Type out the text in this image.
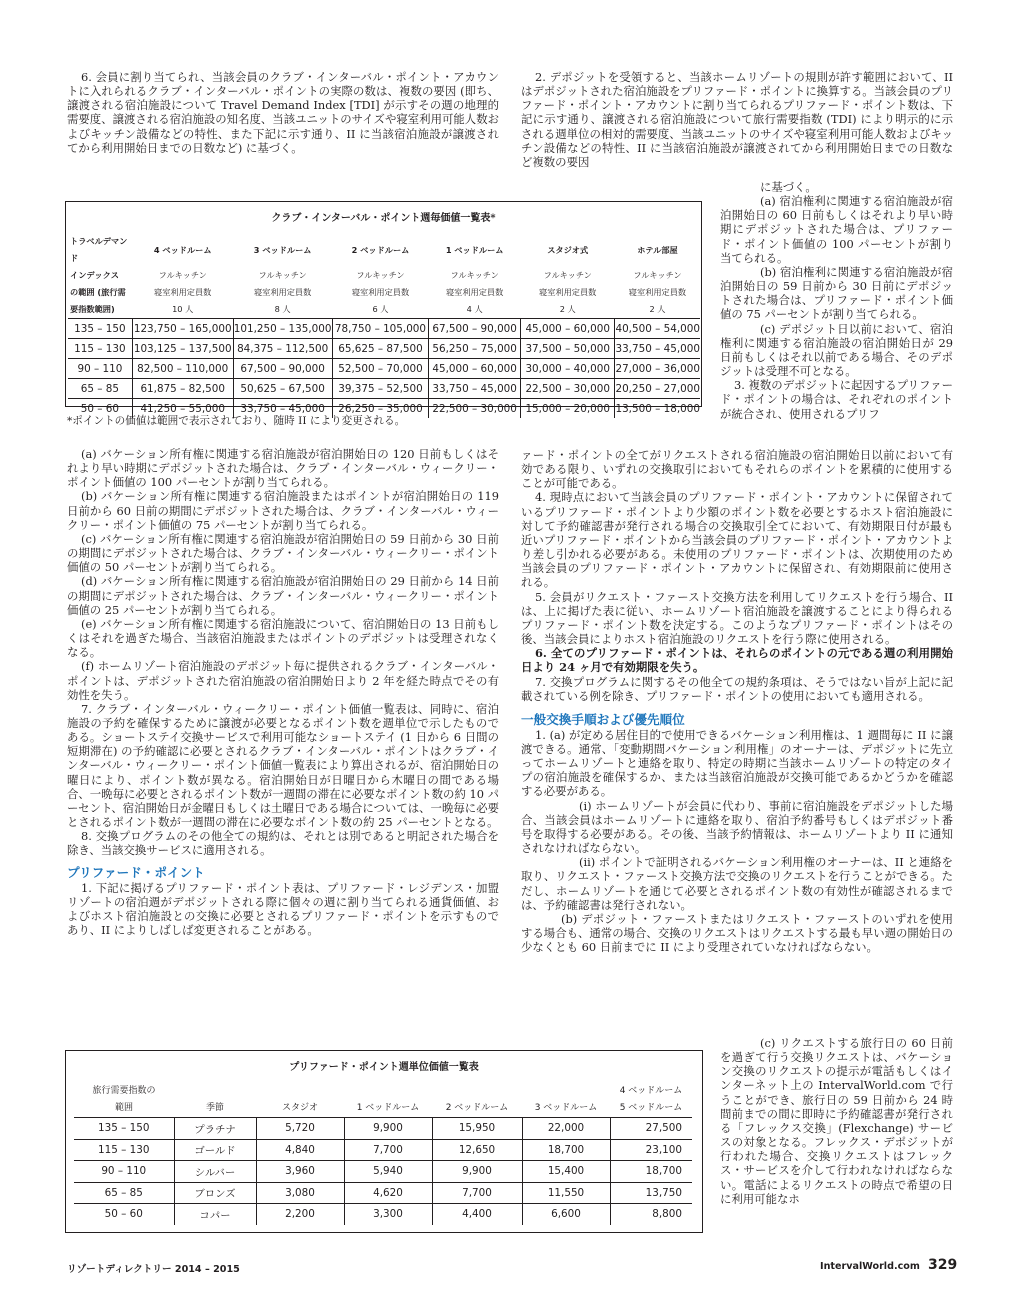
6. 会員に割り当てられ、当該会員のクラブ・インターバル・ポイント・アカウントに入れられるクラブ・インターバル・ポイントの実際の数は、複数の要因 (即ち、譲渡される宿泊施設について Travel Demand Index [TDI] が示すその週の地理的需要度、譲渡される宿泊施設の知名度、当該ユニットのサイズや寝室利用可能人数およびキッチン設備などの特性、また下記に示す通り、II に当該宿泊施設が譲渡されてから利用開始日までの日数など) に基づく。

クラブ・インターバル・ポイント週毎価値一覧表*
トラベルデマンド	4 ベッドルーム	3 ベッドルーム	2 ベッドルーム	1 ベッドルーム	スタジオ式	ホテル部屋
インデックス	フルキッチン	フルキッチン	フルキッチン	フルキッチン	フルキッチン	フルキッチン
の範囲 (旅行需	寝室利用定員数	寝室利用定員数	寝室利用定員数	寝室利用定員数	寝室利用定員数	寝室利用定員数
要指数範囲)	10 人	8 人	6 人	4 人	2 人	2 人
135 – 150	123,750 – 165,000	101,250 – 135,000	78,750 – 105,000	67,500 – 90,000	45,000 – 60,000	40,500 – 54,000
115 – 130	103,125 – 137,500	84,375 – 112,500	65,625 – 87,500	56,250 – 75,000	37,500 – 50,000	33,750 – 45,000
90 – 110	82,500 – 110,000	67,500 – 90,000	52,500 – 70,000	45,000 – 60,000	30,000 – 40,000	27,000 – 36,000
65 – 85	61,875 – 82,500	50,625 – 67,500	39,375 – 52,500	33,750 – 45,000	22,500 – 30,000	20,250 – 27,000
50 – 60	41,250 – 55,000	33,750 – 45,000	26,250 – 35,000	22,500 – 30,000	15,000 – 20,000	13,500 – 18,000
*ポイントの価値は範囲で表示されており、随時 II により変更される。

(a) バケーション所有権に関連する宿泊施設が宿泊開始日の 120 日前もしくはそれより早い時期にデポジットされた場合は、クラブ・インターバル・ウィークリー・ポイント価値の 100 パーセントが割り当てられる。

(b) バケーション所有権に関連する宿泊施設またはポイントが宿泊開始日の 119 日前から 60 日前の期間にデポジットされた場合は、クラブ・インターバル・ウィークリー・ポイント価値の 75 パーセントが割り当てられる。

(c) バケーション所有権に関連する宿泊施設が宿泊開始日の 59 日前から 30 日前の期間にデポジットされた場合は、クラブ・インターバル・ウィークリー・ポイント価値の 50 パーセントが割り当てられる。

(d) バケーション所有権に関連する宿泊施設が宿泊開始日の 29 日前から 14 日前の期間にデポジットされた場合は、クラブ・インターバル・ウィークリー・ポイント価値の 25 パーセントが割り当てられる。

(e) バケーション所有権に関連する宿泊施設について、宿泊開始日の 13 日前もしくはそれを過ぎた場合、当該宿泊施設またはポイントのデポジットは受理されなくなる。

(f) ホームリゾート宿泊施設のデポジット毎に提供されるクラブ・インターバル・ポイントは、デポジットされた宿泊施設の宿泊開始日より 2 年を経た時点でその有効性を失う。

7. クラブ・インターバル・ウィークリー・ポイント価値一覧表は、同時に、宿泊施設の予約を確保するために譲渡が必要となるポイント数を週単位で示したものである。ショートステイ交換サービスで利用可能なショートステイ (1 日から 6 日間の短期滞在) の予約確認に必要とされるクラブ・インターバル・ポイントはクラブ・インターバル・ウィークリー・ポイント価値一覧表により算出されるが、宿泊開始日の曜日により、ポイント数が異なる。宿泊開始日が日曜日から木曜日の間である場合、一晩毎に必要とされるポイント数が一週間の滞在に必要なポイント数の約 10 パーセント、宿泊開始日が金曜日もしくは土曜日である場合については、一晩毎に必要とされるポイント数が一週間の滞在に必要なポイント数の約 25 パーセントとなる。

8. 交換プログラムのその他全ての規約は、それとは別であると明記された場合を除き、当該交換サービスに適用される。

プリファード・ポイント

1. 下記に掲げるプリファード・ポイント表は、プリファード・レジデンス・加盟リゾートの宿泊週がデポジットされる際に個々の週に割り当てられる通貨価値、およびホスト宿泊施設との交換に必要とされるプリファード・ポイントを示すものであり、II によりしばしば変更されることがある。

プリファード・ポイント週単位価値一覧表
旅行需要指数の						4 ベッドルーム
範囲	季節	スタジオ	1 ベッドルーム	2 ベッドルーム	3 ベッドルーム	5 ベッドルーム
135 – 150	プラチナ	5,720	9,900	15,950	22,000	27,500
115 – 130	ゴールド	4,840	7,700	12,650	18,700	23,100
90 – 110	シルバー	3,960	5,940	9,900	15,400	18,700
65 – 85	ブロンズ	3,080	4,620	7,700	11,550	13,750
50 – 60	コパー	2,200	3,300	4,400	6,600	8,800

2. デポジットを受領すると、当該ホームリゾートの規則が許す範囲において、II はデポジットされた宿泊施設をプリファード・ポイントに換算する。当該会員のプリファード・ポイント・アカウントに割り当てられるプリファード・ポイント数は、下記に示す通り、譲渡される宿泊施設について旅行需要指数 (TDI) により明示的に示される週単位の相対的需要度、当該ユニットのサイズや寝室利用可能人数およびキッチン設備などの特性、II に当該宿泊施設が譲渡されてから利用開始日までの日数など複数の要因

に基づく。

(a) 宿泊権利に関連する宿泊施設が宿泊開始日の 60 日前もしくはそれより早い時期にデポジットされた場合は、プリファード・ポイント価値の 100 パーセントが割り当てられる。

(b) 宿泊権利に関連する宿泊施設が宿泊開始日の 59 日前から 30 日前にデポジットされた場合は、プリファード・ポイント価値の 75 パーセントが割り当てられる。

(c) デポジット日以前において、宿泊権利に関連する宿泊施設の宿泊開始日が 29 日前もしくはそれ以前である場合、そのデポジットは受理不可となる。

3. 複数のデポジットに起因するプリファード・ポイントの場合は、それぞれのポイントが統合され、使用されるプリフ

ァード・ポイントの全てがリクエストされる宿泊施設の宿泊開始日以前において有効である限り、いずれの交換取引においてもそれらのポイントを累積的に使用することが可能である。

4. 現時点において当該会員のプリファード・ポイント・アカウントに保留されているプリファード・ポイントより少額のポイント数を必要とするホスト宿泊施設に対して予約確認書が発行される場合の交換取引全てにおいて、有効期限日付が最も近いプリファード・ポイントから当該会員のプリファード・ポイント・アカウントより差し引かれる必要がある。未使用のプリファード・ポイントは、次期使用のため当該会員のプリファード・ポイント・アカウントに保留され、有効期限前に使用される。

5. 会員がリクエスト・ファースト交換方法を利用してリクエストを行う場合、II は、上に掲げた表に従い、ホームリゾート宿泊施設を譲渡することにより得られるプリファード・ポイント数を決定する。このようなプリファード・ポイントはその後、当該会員によりホスト宿泊施設のリクエストを行う際に使用される。

6. 全てのプリファード・ポイントは、それらのポイントの元である週の利用開始日より 24 ヶ月で有効期限を失う。

7. 交換プログラムに関するその他全ての規約条項は、そうではない旨が上記に記載されている例を除き、プリファード・ポイントの使用においても適用される。

一般交換手順および優先順位

1. (a) が定める居住目的で使用できるバケーション利用権は、1 週間毎に II に譲渡できる。通常、「変動期間バケーション利用権」のオーナーは、デポジットに先立ってホームリゾートと連絡を取り、特定の時期に当該ホームリゾートの特定のタイプの宿泊施設を確保するか、または当該宿泊施設が交換可能であるかどうかを確認する必要がある。

(i) ホームリゾートが会員に代わり、事前に宿泊施設をデポジットした場合、当該会員はホームリゾートに連絡を取り、宿泊予約番号もしくはデポジット番号を取得する必要がある。その後、当該予約情報は、ホームリゾートより II に通知されなければならない。

(ii) ポイントで証明されるバケーション利用権のオーナーは、II と連絡を取り、リクエスト・ファースト交換方法で交換のリクエストを行うことができる。ただし、ホームリゾートを通じて必要とされるポイント数の有効性が確認されるまでは、予約確認書は発行されない。

(b) デポジット・ファーストまたはリクエスト・ファーストのいずれを使用する場合も、通常の場合、交換のリクエストはリクエストする最も早い週の開始日の少なくとも 60 日前までに II により受理されていなければならない。

(c) リクエストする旅行日の 60 日前を過ぎて行う交換リクエストは、バケーション交換のリクエストの提示が電話もしくはインターネット上の IntervalWorld.com で行うことができ、旅行日の 59 日前から 24 時間前までの間に即時に予約確認書が発行される「フレックス交換」(Flexchange) サービスの対象となる。フレックス・デポジットが行われた場合、交換リクエストはフレックス・サービスを介して行われなければならない。電話によるリクエストの時点で希望の日に利用可能なホ

リゾートディレクトリー 2014 – 2015	IntervalWorld.com 329
